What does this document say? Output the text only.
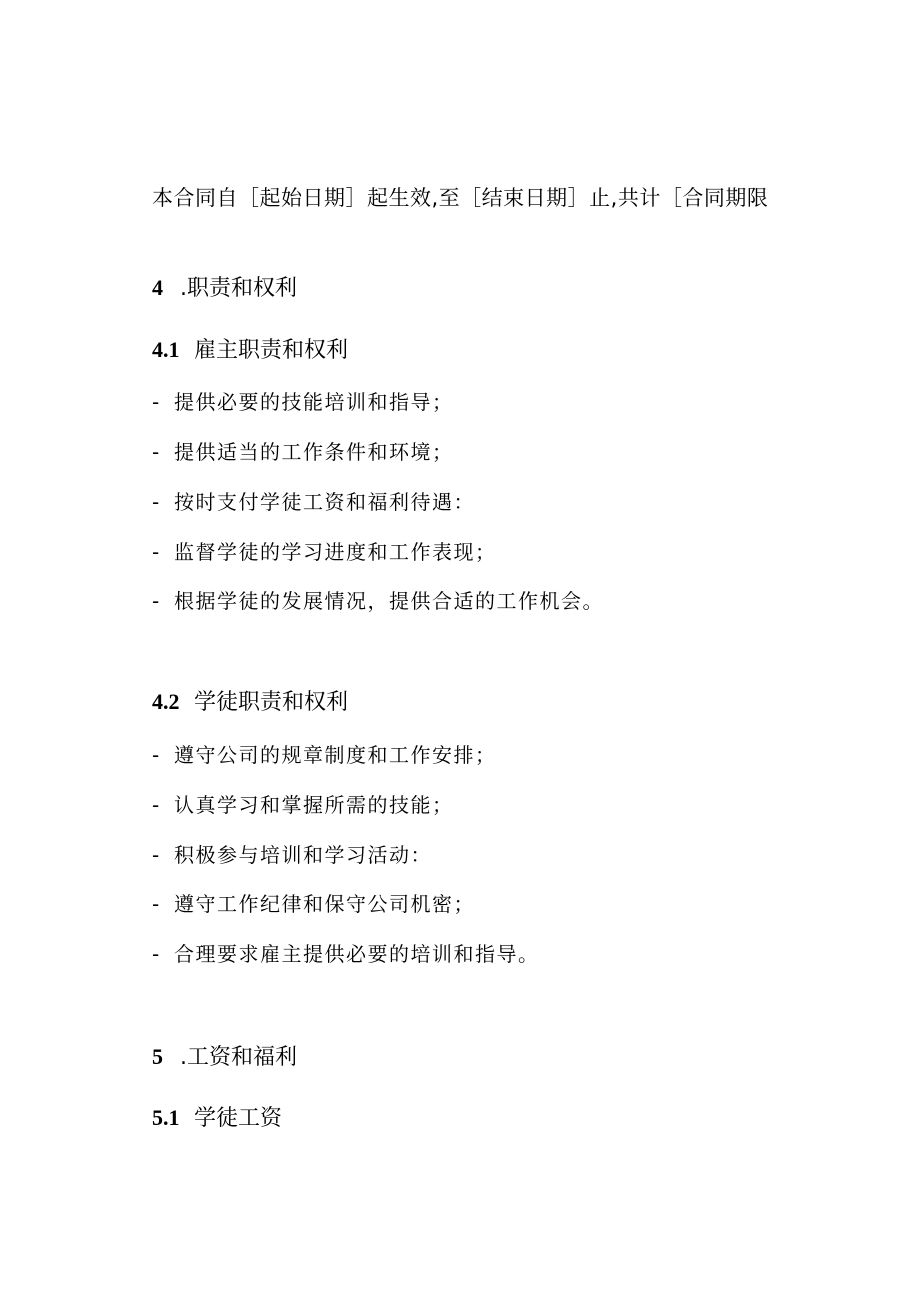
本合同自［起始日期］起生效,至［结束日期］止,共计［合同期限
4 .职责和权利
4.1 雇主职责和权利
- 提供必要的技能培训和指导；
- 提供适当的工作条件和环境；
- 按时支付学徒工资和福利待遇：
- 监督学徒的学习进度和工作表现；
- 根据学徒的发展情况，提供合适的工作机会。
4.2 学徒职责和权利
- 遵守公司的规章制度和工作安排；
- 认真学习和掌握所需的技能；
- 积极参与培训和学习活动：
- 遵守工作纪律和保守公司机密；
- 合理要求雇主提供必要的培训和指导。
5 .工资和福利
5.1 学徒工资
